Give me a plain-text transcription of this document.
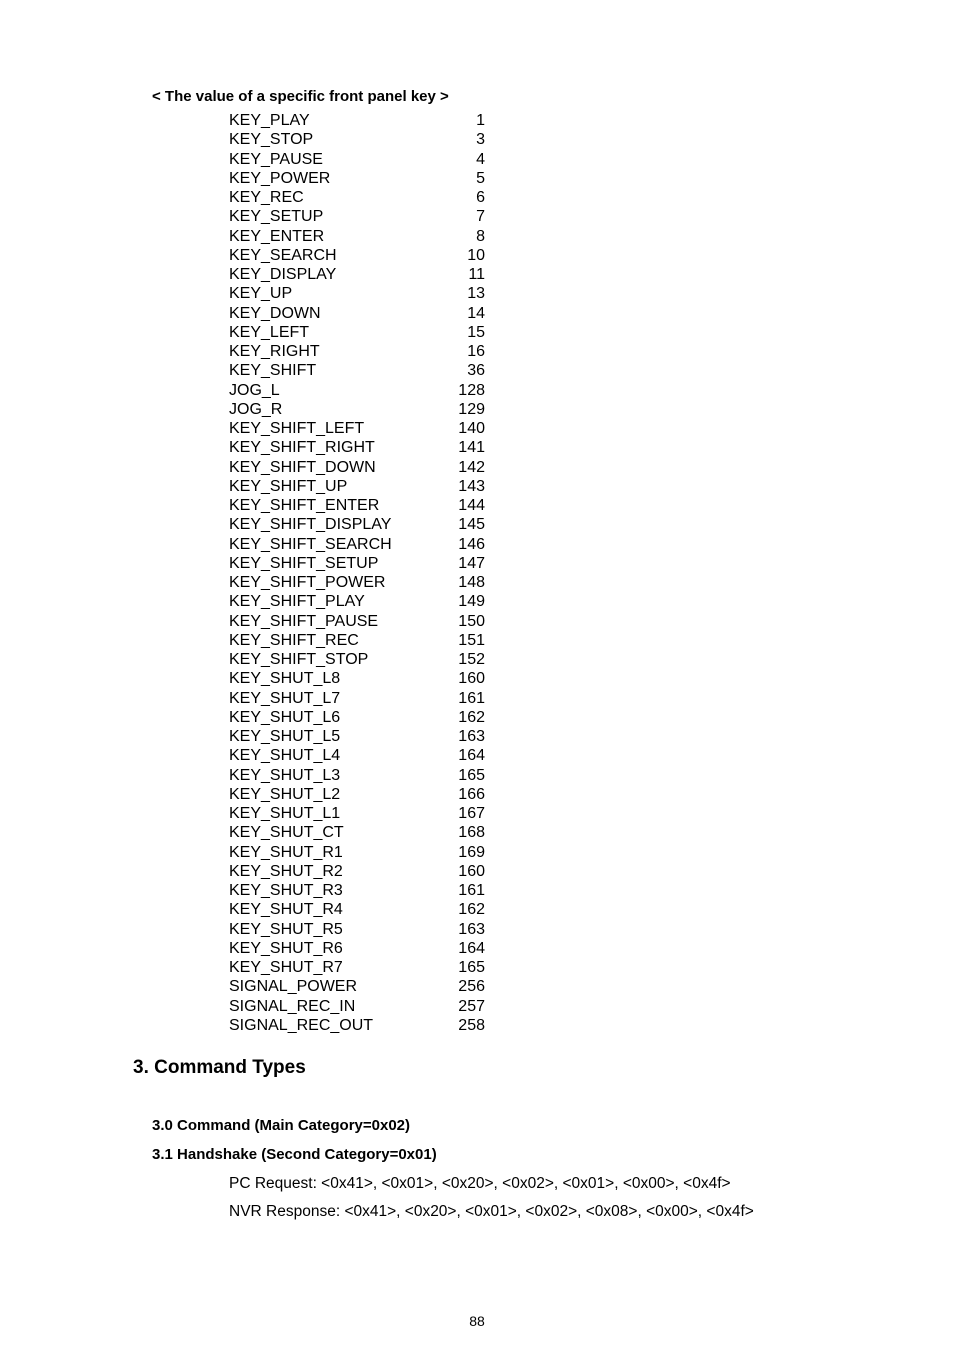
< The value of a specific front panel key >
KEY_PLAY	1
KEY_STOP	3
KEY_PAUSE	4
KEY_POWER	5
KEY_REC	6
KEY_SETUP	7
KEY_ENTER	8
KEY_SEARCH	10
KEY_DISPLAY	11
KEY_UP	13
KEY_DOWN	14
KEY_LEFT	15
KEY_RIGHT	16
KEY_SHIFT	36
JOG_L	128
JOG_R	129
KEY_SHIFT_LEFT	140
KEY_SHIFT_RIGHT	141
KEY_SHIFT_DOWN	142
KEY_SHIFT_UP	143
KEY_SHIFT_ENTER	144
KEY_SHIFT_DISPLAY	145
KEY_SHIFT_SEARCH	146
KEY_SHIFT_SETUP	147
KEY_SHIFT_POWER	148
KEY_SHIFT_PLAY	149
KEY_SHIFT_PAUSE	150
KEY_SHIFT_REC	151
KEY_SHIFT_STOP	152
KEY_SHUT_L8	160
KEY_SHUT_L7	161
KEY_SHUT_L6	162
KEY_SHUT_L5	163
KEY_SHUT_L4	164
KEY_SHUT_L3	165
KEY_SHUT_L2	166
KEY_SHUT_L1	167
KEY_SHUT_CT	168
KEY_SHUT_R1	169
KEY_SHUT_R2	160
KEY_SHUT_R3	161
KEY_SHUT_R4	162
KEY_SHUT_R5	163
KEY_SHUT_R6	164
KEY_SHUT_R7	165
SIGNAL_POWER	256
SIGNAL_REC_IN	257
SIGNAL_REC_OUT	258
3. Command Types
3.0 Command (Main Category=0x02)
3.1 Handshake (Second Category=0x01)
PC Request: <0x41>, <0x01>, <0x20>, <0x02>, <0x01>, <0x00>, <0x4f>
NVR Response: <0x41>, <0x20>, <0x01>, <0x02>, <0x08>, <0x00>, <0x4f>
88
